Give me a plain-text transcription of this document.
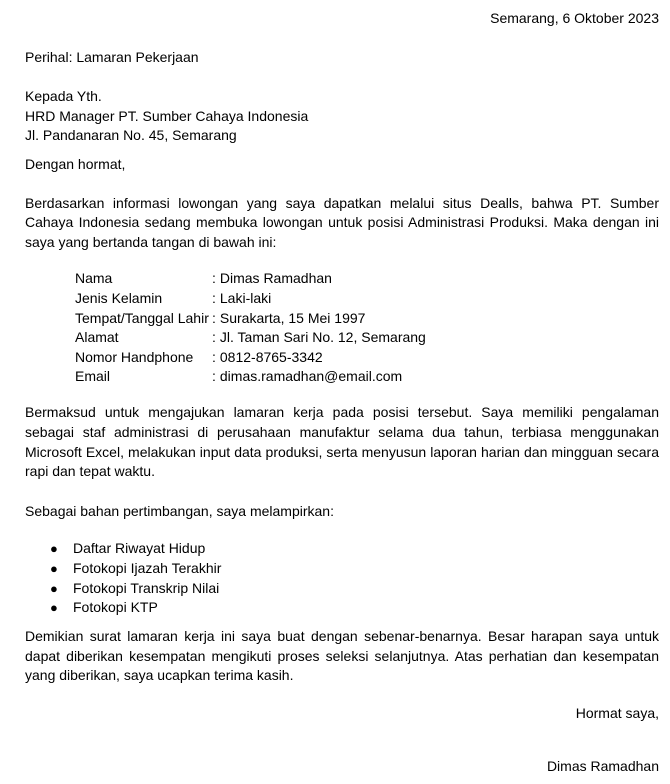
Semarang, 6 Oktober 2023
Perihal: Lamaran Pekerjaan
Kepada Yth.
HRD Manager PT. Sumber Cahaya Indonesia
Jl. Pandanaran No. 45, Semarang
Dengan hormat,
Berdasarkan informasi lowongan yang saya dapatkan melalui situs Dealls, bahwa PT. Sumber Cahaya Indonesia sedang membuka lowongan untuk posisi Administrasi Produksi. Maka dengan ini saya yang bertanda tangan di bawah ini:
Nama	: Dimas Ramadhan
Jenis Kelamin	: Laki-laki
Tempat/Tanggal Lahir : Surakarta, 15 Mei 1997
Alamat	: Jl. Taman Sari No. 12, Semarang
Nomor Handphone	: 0812-8765-3342
Email	: dimas.ramadhan@email.com
Bermaksud untuk mengajukan lamaran kerja pada posisi tersebut. Saya memiliki pengalaman sebagai staf administrasi di perusahaan manufaktur selama dua tahun, terbiasa menggunakan Microsoft Excel, melakukan input data produksi, serta menyusun laporan harian dan mingguan secara rapi dan tepat waktu.
Sebagai bahan pertimbangan, saya melampirkan:
●	Daftar Riwayat Hidup
●	Fotokopi Ijazah Terakhir
●	Fotokopi Transkrip Nilai
●	Fotokopi KTP
Demikian surat lamaran kerja ini saya buat dengan sebenar-benarnya. Besar harapan saya untuk dapat diberikan kesempatan mengikuti proses seleksi selanjutnya. Atas perhatian dan kesempatan yang diberikan, saya ucapkan terima kasih.
Hormat saya,
Dimas Ramadhan
